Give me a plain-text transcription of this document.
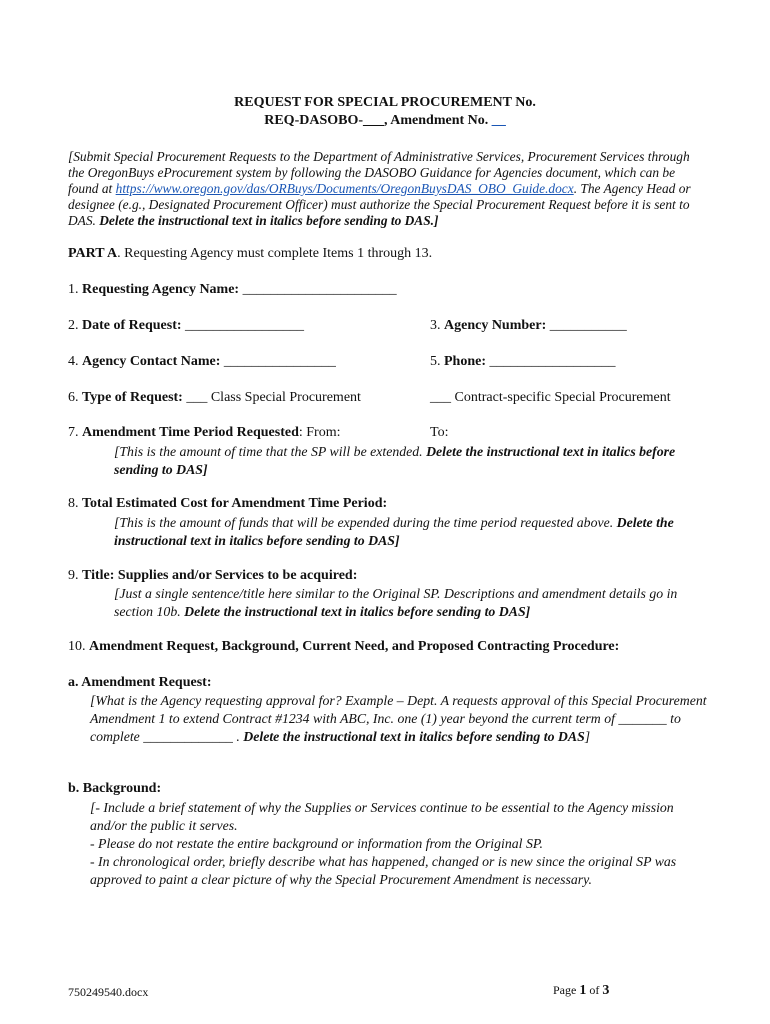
REQUEST FOR SPECIAL PROCUREMENT No.
REQ-DASOBO-___, Amendment No. __
[Submit Special Procurement Requests to the Department of Administrative Services, Procurement Services through the OregonBuys eProcurement system by following the DASOBO Guidance for Agencies document, which can be found at https://www.oregon.gov/das/ORBuys/Documents/OregonBuysDAS_OBO_Guide.docx. The Agency Head or designee (e.g., Designated Procurement Officer) must authorize the Special Procurement Request before it is sent to DAS. Delete the instructional text in italics before sending to DAS.]
PART A. Requesting Agency must complete Items 1 through 13.
1. Requesting Agency Name: ______________________
2. Date of Request: _________________	3. Agency Number: ___________
4. Agency Contact Name: ________________	5. Phone: __________________
6. Type of Request: ___ Class Special Procurement	___ Contract-specific Special Procurement
7. Amendment Time Period Requested: From:	To:
[This is the amount of time that the SP will be extended. Delete the instructional text in italics before sending to DAS]
8. Total Estimated Cost for Amendment Time Period:
[This is the amount of funds that will be expended during the time period requested above. Delete the instructional text in italics before sending to DAS]
9. Title: Supplies and/or Services to be acquired:
[Just a single sentence/title here similar to the Original SP. Descriptions and amendment details go in section 10b. Delete the instructional text in italics before sending to DAS]
10. Amendment Request, Background, Current Need, and Proposed Contracting Procedure:
a. Amendment Request:
[What is the Agency requesting approval for? Example – Dept. A requests approval of this Special Procurement Amendment 1 to extend Contract #1234 with ABC, Inc. one (1) year beyond the current term of _______ to complete _____________ . Delete the instructional text in italics before sending to DAS]
b. Background:
[- Include a brief statement of why the Supplies or Services continue to be essential to the Agency mission and/or the public it serves.
- Please do not restate the entire background or information from the Original SP.
- In chronological order, briefly describe what has happened, changed or is new since the original SP was approved to paint a clear picture of why the Special Procurement Amendment is necessary.
750249540.docx	Page 1 of 3
